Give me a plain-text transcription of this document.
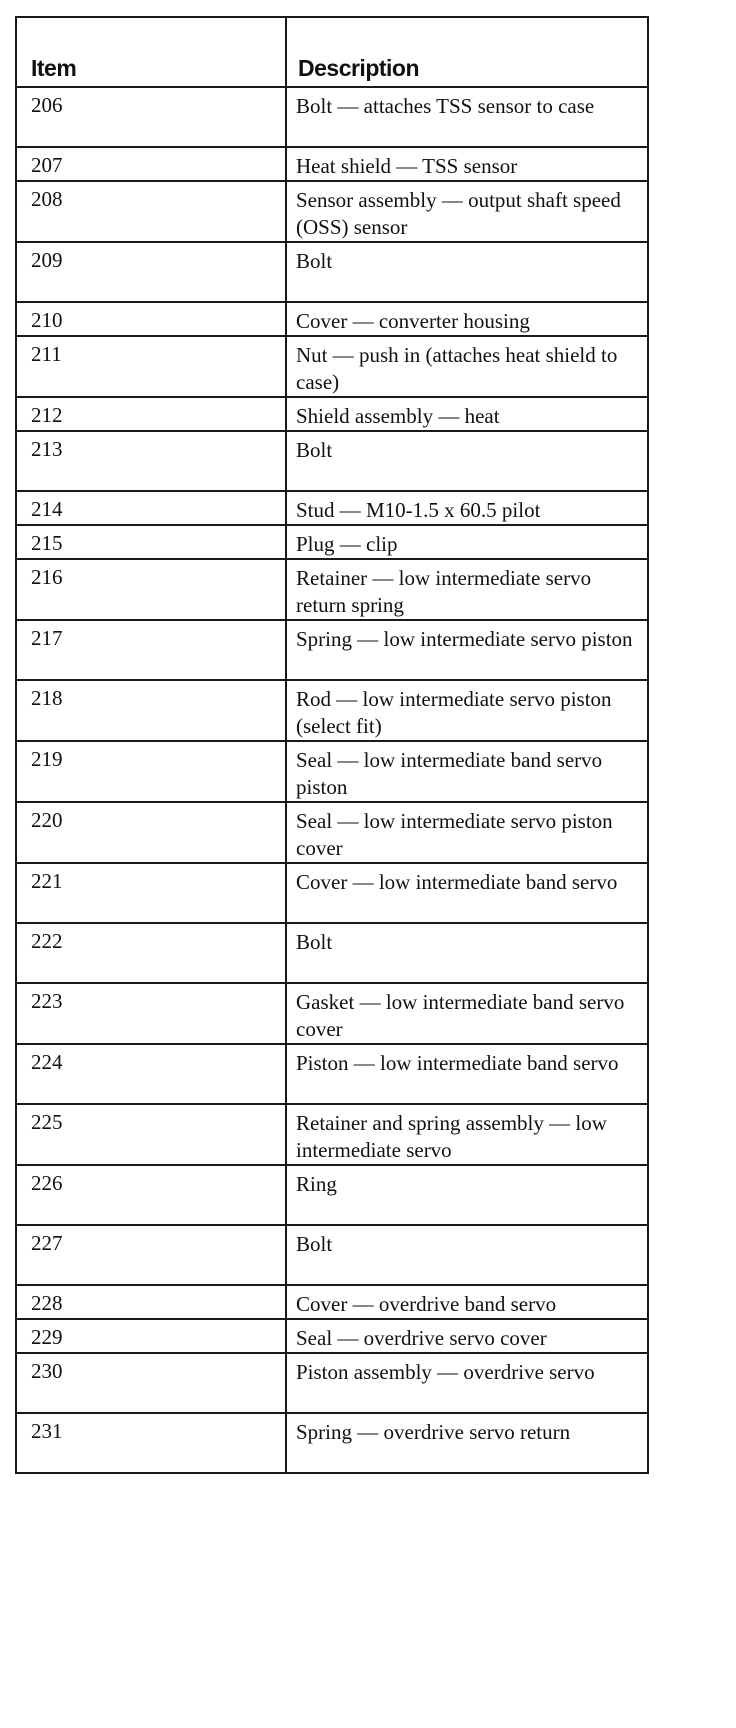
Item	Description
206	Bolt — attaches TSS sensor to case
207	Heat shield — TSS sensor
208	Sensor assembly — output shaft speed (OSS) sensor
209	Bolt
210	Cover — converter housing
211	Nut — push in (attaches heat shield to case)
212	Shield assembly — heat
213	Bolt
214	Stud — M10-1.5 x 60.5 pilot
215	Plug — clip
216	Retainer — low intermediate servo return spring
217	Spring — low intermediate servo piston
218	Rod — low intermediate servo piston (select fit)
219	Seal — low intermediate band servo piston
220	Seal — low intermediate servo piston cover
221	Cover — low intermediate band servo
222	Bolt
223	Gasket — low intermediate band servo cover
224	Piston — low intermediate band servo
225	Retainer and spring assembly — low intermediate servo
226	Ring
227	Bolt
228	Cover — overdrive band servo
229	Seal — overdrive servo cover
230	Piston assembly — overdrive servo
231	Spring — overdrive servo return
